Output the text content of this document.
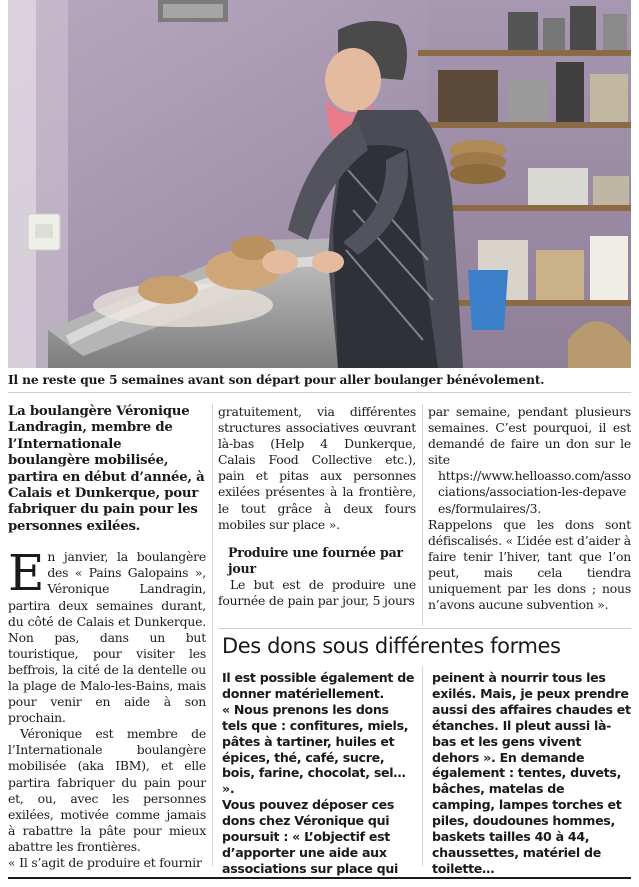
Il ne reste que 5 semaines avant son départ pour aller boulanger bénévolement.

La boulangère Véronique Landragin, membre de l’Internationale boulangère mobilisée, partira en début d’année, à Calais et Dunkerque, pour fabriquer du pain pour les personnes exilées.

En janvier, la boulangère des « Pains Galopains », Véronique Landragin, partira deux semaines durant, du côté de Calais et Dunkerque. Non pas, dans un but touristique, pour visiter les beffrois, la cité de la dentelle ou la plage de Malo-les-Bains, mais pour venir en aide à son prochain.

Véronique est membre de l’Internationale boulangère mobilisée (aka IBM), et elle partira fabriquer du pain pour et, ou, avec les personnes exilées, motivée comme jamais à rabattre la pâte pour mieux abattre les frontières.

« Il s’agit de produire et fournir

gratuitement, via différentes structures associatives œuvrant là-bas (Help 4 Dunkerque, Calais Food Collective etc.), pain et pitas aux personnes exilées présentes à la frontière, le tout grâce à deux fours mobiles sur place ».

Produire une fournée par jour

Le but est de produire une fournée de pain par jour, 5 jours

par semaine, pendant plusieurs semaines. C’est pourquoi, il est demandé de faire un don sur le site

https://www.helloasso.com/associations/association-les-depavees/formulaires/3.

Rappelons que les dons sont défiscalisés. « L’idée est d’aider à faire tenir l’hiver, tant que l’on peut, mais cela tiendra uniquement par les dons ; nous n’avons aucune subvention ».

Des dons sous différentes formes

Il est possible également de donner matériellement.

« Nous prenons les dons tels que : confitures, miels, pâtes à tartiner, huiles et épices, thé, café, sucre, bois, farine, chocolat, sel… ».

Vous pouvez déposer ces dons chez Véronique qui poursuit : « L’objectif est d’apporter une aide aux associations sur place qui

peinent à nourrir tous les exilés. Mais, je peux prendre aussi des affaires chaudes et étanches. Il pleut aussi là-bas et les gens vivent dehors ». En demande également : tentes, duvets, bâches, matelas de camping, lampes torches et piles, doudounes hommes, baskets tailles 40 à 44, chaussettes, matériel de toilette…
